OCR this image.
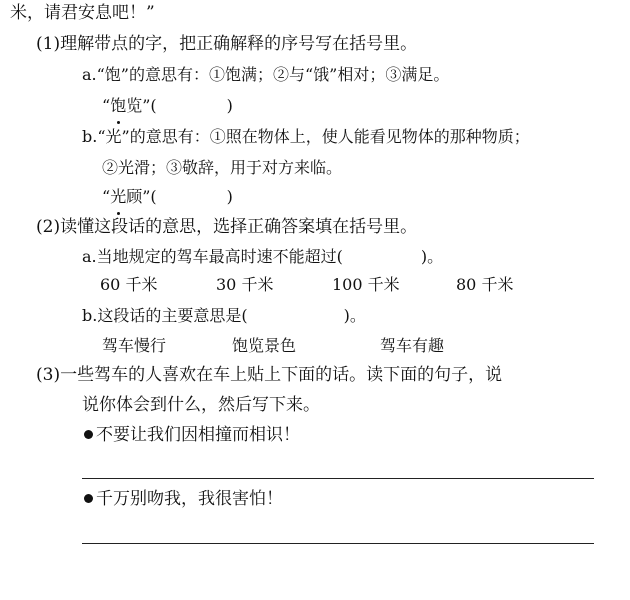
米，请君安息吧！”
(1)理解带点的字，把正确解释的序号写在括号里。
a.“饱”的意思有：①饱满；②与“饿”相对；③满足。
“饱
览”(	)
b.“光”的意思有：①照在物体上，使人能看见物体的那种物质；
②光滑；③敬辞，用于对方来临。
“光
顾”(	)
(2)读懂这段话的意思，选择正确答案填在括号里。
a.当地规定的驾车最高时速不能超过(	)。
60 千米	30 千米	100 千米	80 千米
b.这段话的主要意思是(	)。
驾车慢行	饱览景色	驾车有趣
(3)一些驾车的人喜欢在车上贴上下面的话。读下面的句子，说
说你体会到什么，然后写下来。
不要让我们因相撞而相识！
千万别吻我，我很害怕！
